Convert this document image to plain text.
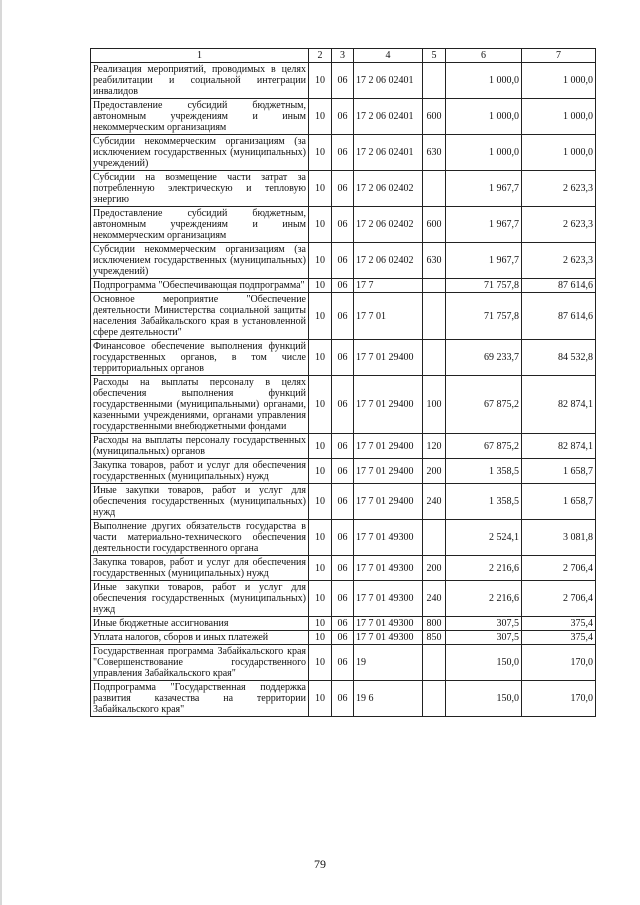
1	2	3	4	5	6	7
Реализация мероприятий, проводимых в целях реабилитации и социальной интеграции инвалидов	10	06	17 2 06 02401		1 000,0	1 000,0
Предоставление субсидий бюджетным, автономным учреждениям и иным некоммерческим организациям	10	06	17 2 06 02401	600	1 000,0	1 000,0
Субсидии некоммерческим организациям (за исключением государственных (муниципальных) учреждений)	10	06	17 2 06 02401	630	1 000,0	1 000,0
Субсидии на возмещение части затрат за потребленную электрическую и тепловую энергию	10	06	17 2 06 02402		1 967,7	2 623,3
Предоставление субсидий бюджетным, автономным учреждениям и иным некоммерческим организациям	10	06	17 2 06 02402	600	1 967,7	2 623,3
Субсидии некоммерческим организациям (за исключением государственных (муниципальных) учреждений)	10	06	17 2 06 02402	630	1 967,7	2 623,3
Подпрограмма "Обеспечивающая подпрограмма"	10	06	17 7		71 757,8	87 614,6
Основное мероприятие "Обеспечение деятельности Министерства социальной защиты населения Забайкальского края в установленной сфере деятельности"	10	06	17 7 01		71 757,8	87 614,6
Финансовое обеспечение выполнения функций государственных органов, в том числе территориальных органов	10	06	17 7 01 29400		69 233,7	84 532,8
Расходы на выплаты персоналу в целях обеспечения выполнения функций государственными (муниципальными) органами, казенными учреждениями, органами управления государственными внебюджетными фондами	10	06	17 7 01 29400	100	67 875,2	82 874,1
Расходы на выплаты персоналу государственных (муниципальных) органов	10	06	17 7 01 29400	120	67 875,2	82 874,1
Закупка товаров, работ и услуг для обеспечения государственных (муниципальных) нужд	10	06	17 7 01 29400	200	1 358,5	1 658,7
Иные закупки товаров, работ и услуг для обеспечения государственных (муниципальных) нужд	10	06	17 7 01 29400	240	1 358,5	1 658,7
Выполнение других обязательств государства в части материально-технического обеспечения деятельности государственного органа	10	06	17 7 01 49300		2 524,1	3 081,8
Закупка товаров, работ и услуг для обеспечения государственных (муниципальных) нужд	10	06	17 7 01 49300	200	2 216,6	2 706,4
Иные закупки товаров, работ и услуг для обеспечения государственных (муниципальных) нужд	10	06	17 7 01 49300	240	2 216,6	2 706,4
Иные бюджетные ассигнования	10	06	17 7 01 49300	800	307,5	375,4
Уплата налогов, сборов и иных платежей	10	06	17 7 01 49300	850	307,5	375,4
Государственная программа Забайкальского края "Совершенствование государственного управления Забайкальского края"	10	06	19		150,0	170,0
Подпрограмма "Государственная поддержка развития казачества на территории Забайкальского края"	10	06	19 6		150,0	170,0
79
